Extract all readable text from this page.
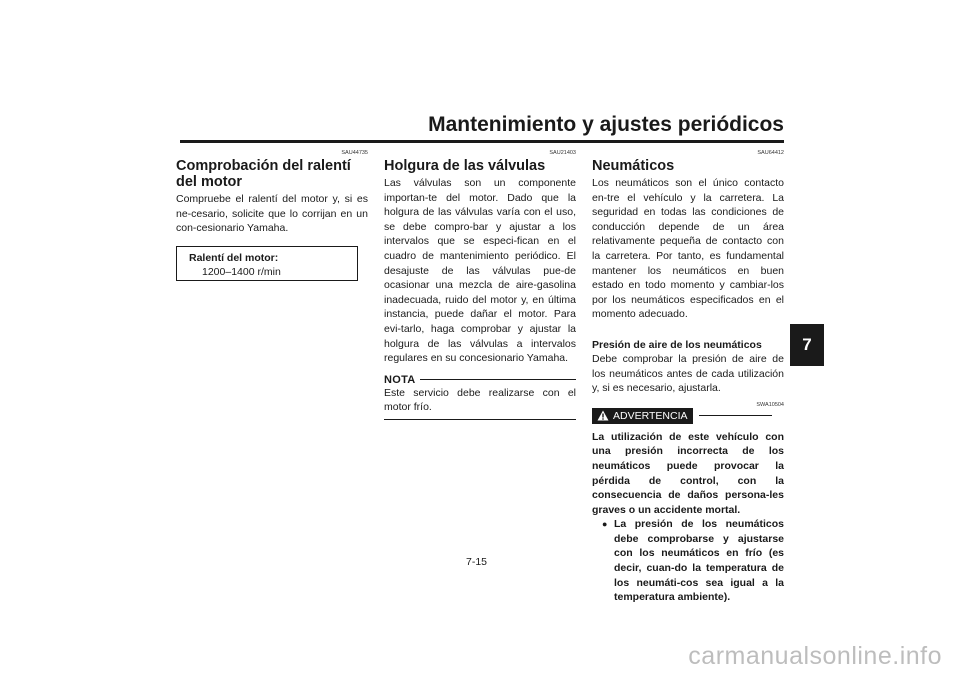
Mantenimiento y ajustes periódicos
7
SAU44735
Comprobación del ralentí del motor

Compruebe el ralentí del motor y, si es ne-cesario, solicite que lo corrijan en un con-cesionario Yamaha.

Ralentí del motor:
1200–1400 r/min
SAU21403
Holgura de las válvulas

Las válvulas son un componente importan-te del motor. Dado que la holgura de las válvulas varía con el uso, se debe compro-bar y ajustar a los intervalos que se especi-fican en el cuadro de mantenimiento periódico. El desajuste de las válvulas pue-de ocasionar una mezcla de aire-gasolina inadecuada, ruido del motor y, en última instancia, puede dañar el motor. Para evi-tarlo, haga comprobar y ajustar la holgura de las válvulas a intervalos regulares en su concesionario Yamaha.

NOTA

Este servicio debe realizarse con el motor frío.

SAU64412
Neumáticos

Los neumáticos son el único contacto en-tre el vehículo y la carretera. La seguridad en todas las condiciones de conducción depende de un área relativamente pequeña de contacto con la carretera. Por tanto, es fundamental mantener los neumáticos en buen estado en todo momento y cambiar-los por los neumáticos especificados en el momento adecuado.

Presión de aire de los neumáticos

Debe comprobar la presión de aire de los neumáticos antes de cada utilización y, si es necesario, ajustarla.

SWA10504
ADVERTENCIA

La utilización de este vehículo con una presión incorrecta de los neumáticos puede provocar la pérdida de control, con la consecuencia de daños persona-les graves o un accidente mortal.

● La presión de los neumáticos debe comprobarse y ajustarse con los neumáticos en frío (es decir, cuan-do la temperatura de los neumáti-cos sea igual a la temperatura ambiente).
7-15
carmanualsonline.info
